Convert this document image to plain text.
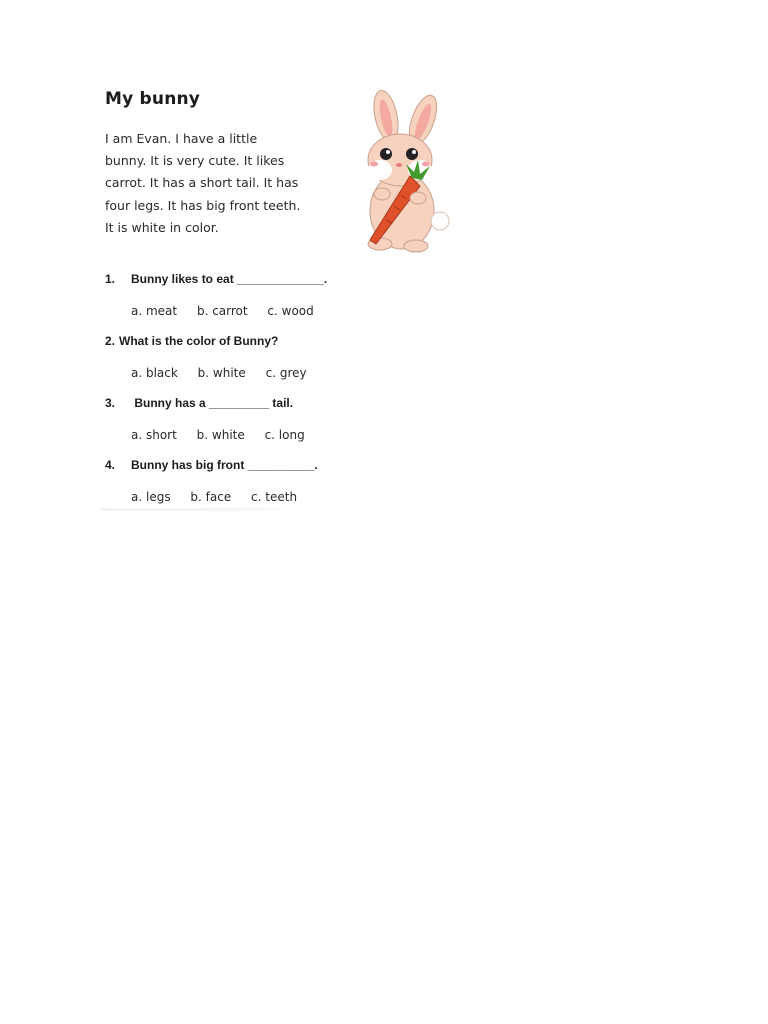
My bunny
I am Evan. I have a little
bunny. It is very cute. It likes
carrot. It has a short tail. It has
four legs. It has big front teeth.
It is white in color.
1. Bunny likes to eat _____________.
a. meat b. carrot c. wood
2. What is the color of Bunny?
a. black b. white c. grey
3. Bunny has a _________ tail.
a. short b. white c. long
4. Bunny has big front __________.
a. legs b. face c. teeth
